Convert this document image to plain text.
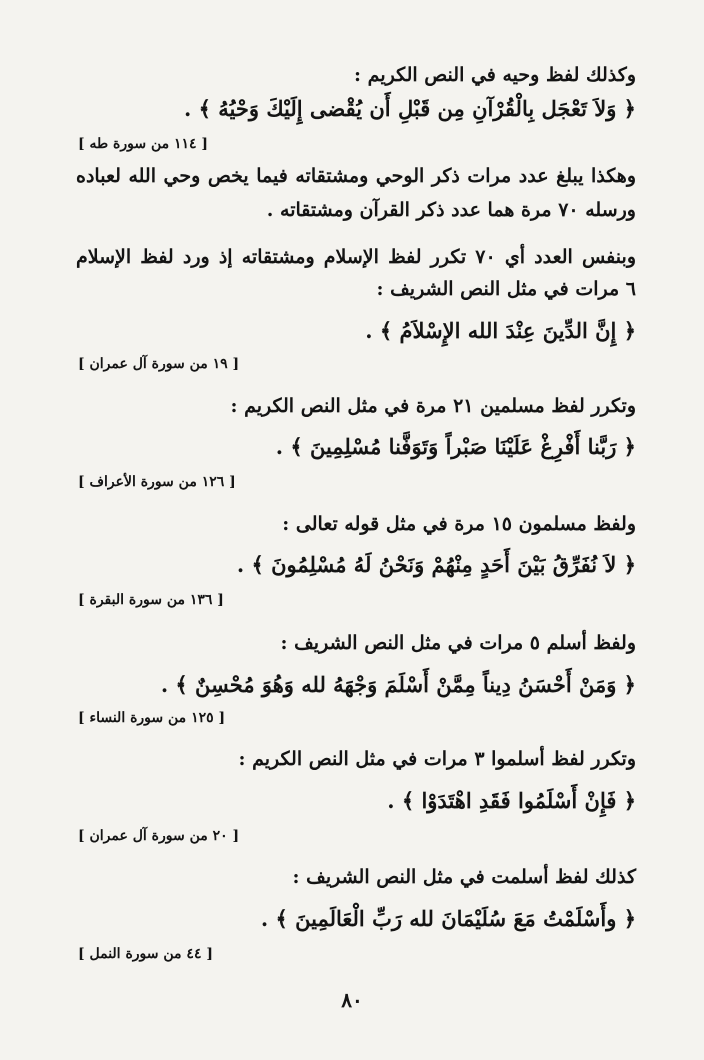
وكذلك لفظ وحيه في النص الكريم :
﴿ وَلاَ تَعْجَل بِالْقُرْآنِ مِن قَبْلِ أَن يُقْضى إِلَيْكَ وَحْيُهُ ﴾ .
[ ١١٤ من سورة طه ]
وهكذا يبلغ عدد مرات ذكر الوحي ومشتقاته فيما يخص وحي الله لعباده
ورسله ٧٠ مرة هما عدد ذكر القرآن ومشتقاته .
وبنفس العدد أي ٧٠ تكرر لفظ الإسلام ومشتقاته إذ ورد لفظ الإسلام
٦ مرات في مثل النص الشريف :
﴿ إِنَّ الدِّينَ عِنْدَ الله الإِسْلاَمُ ﴾ .
[ ١٩ من سورة آل عمران ]
وتكرر لفظ مسلمين ٢١ مرة في مثل النص الكريم :
﴿ رَبَّنا أَفْرِغْ عَلَيْنَا صَبْراً وَتَوَفَّنا مُسْلِمِينَ ﴾ .
[ ١٢٦ من سورة الأعراف ]
ولفظ مسلمون ١٥ مرة في مثل قوله تعالى :
﴿ لاَ نُفَرِّقُ بَيْنَ أَحَدٍ مِنْهُمْ وَنَحْنُ لَهُ مُسْلِمُونَ ﴾ .
[ ١٣٦ من سورة البقرة ]
ولفظ أسلم ٥ مرات في مثل النص الشريف :
﴿ وَمَنْ أَحْسَنُ دِيناً مِمَّنْ أَسْلَمَ وَجْهَهُ لله وَهُوَ مُحْسِنٌ ﴾ .
[ ١٢٥ من سورة النساء ]
وتكرر لفظ أسلموا ٣ مرات في مثل النص الكريم :
﴿ فَإِنْ أَسْلَمُوا فَقَدِ اهْتَدَوْا ﴾ .
[ ٢٠ من سورة آل عمران ]
كذلك لفظ أسلمت في مثل النص الشريف :
﴿ وأَسْلَمْتُ مَعَ سُلَيْمَانَ لله رَبِّ الْعَالَمِينَ ﴾ .
[ ٤٤ من سورة النمل ]
٨٠
